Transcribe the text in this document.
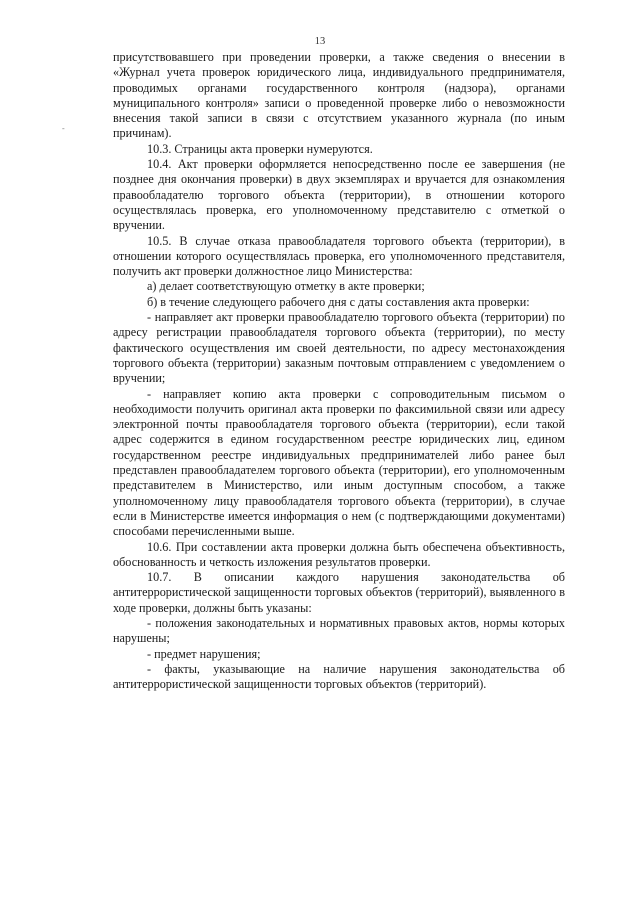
13
-

присутствовавшего при проведении проверки, а также сведения о внесении в «Журнал учета проверок юридического лица, индивидуального предпринимателя, проводимых органами государственного контроля (надзора), органами муниципального контроля» записи о проведенной проверке либо о невозможности внесения такой записи в связи с отсутствием указанного журнала (по иным причинам).

10.3. Страницы акта проверки нумеруются.

10.4. Акт проверки оформляется непосредственно после ее завершения (не позднее дня окончания проверки) в двух экземплярах и вручается для ознакомления правообладателю торгового объекта (территории), в отношении которого осуществлялась проверка, его уполномоченному представителю с отметкой о вручении.

10.5. В случае отказа правообладателя торгового объекта (территории), в отношении которого осуществлялась проверка, его уполномоченного представителя, получить акт проверки должностное лицо Министерства:

а) делает соответствующую отметку в акте проверки;

б) в течение следующего рабочего дня с даты составления акта проверки:

- направляет акт проверки правообладателю торгового объекта (территории) по адресу регистрации правообладателя торгового объекта (территории), по месту фактического осуществления им своей деятельности, по адресу местонахождения торгового объекта (территории) заказным почтовым отправлением с уведомлением о вручении;

- направляет копию акта проверки с сопроводительным письмом о необходимости получить оригинал акта проверки по факсимильной связи или адресу электронной почты правообладателя торгового объекта (территории), если такой адрес содержится в едином государственном реестре юридических лиц, едином государственном реестре индивидуальных предпринимателей либо ранее был представлен правообладателем торгового объекта (территории), его уполномоченным представителем в Министерство, или иным доступным способом, а также уполномоченному лицу правообладателя торгового объекта (территории), в случае если в Министерстве имеется информация о нем (с подтверждающими документами) способами перечисленными выше.

10.6. При составлении акта проверки должна быть обеспечена объективность, обоснованность и четкость изложения результатов проверки.

10.7. В описании каждого нарушения законодательства об антитеррористической защищенности торговых объектов (территорий), выявленного в ходе проверки, должны быть указаны:

- положения законодательных и нормативных правовых актов, нормы которых нарушены;

- предмет нарушения;

- факты, указывающие на наличие нарушения законодательства об антитеррористической защищенности торговых объектов (территорий).
